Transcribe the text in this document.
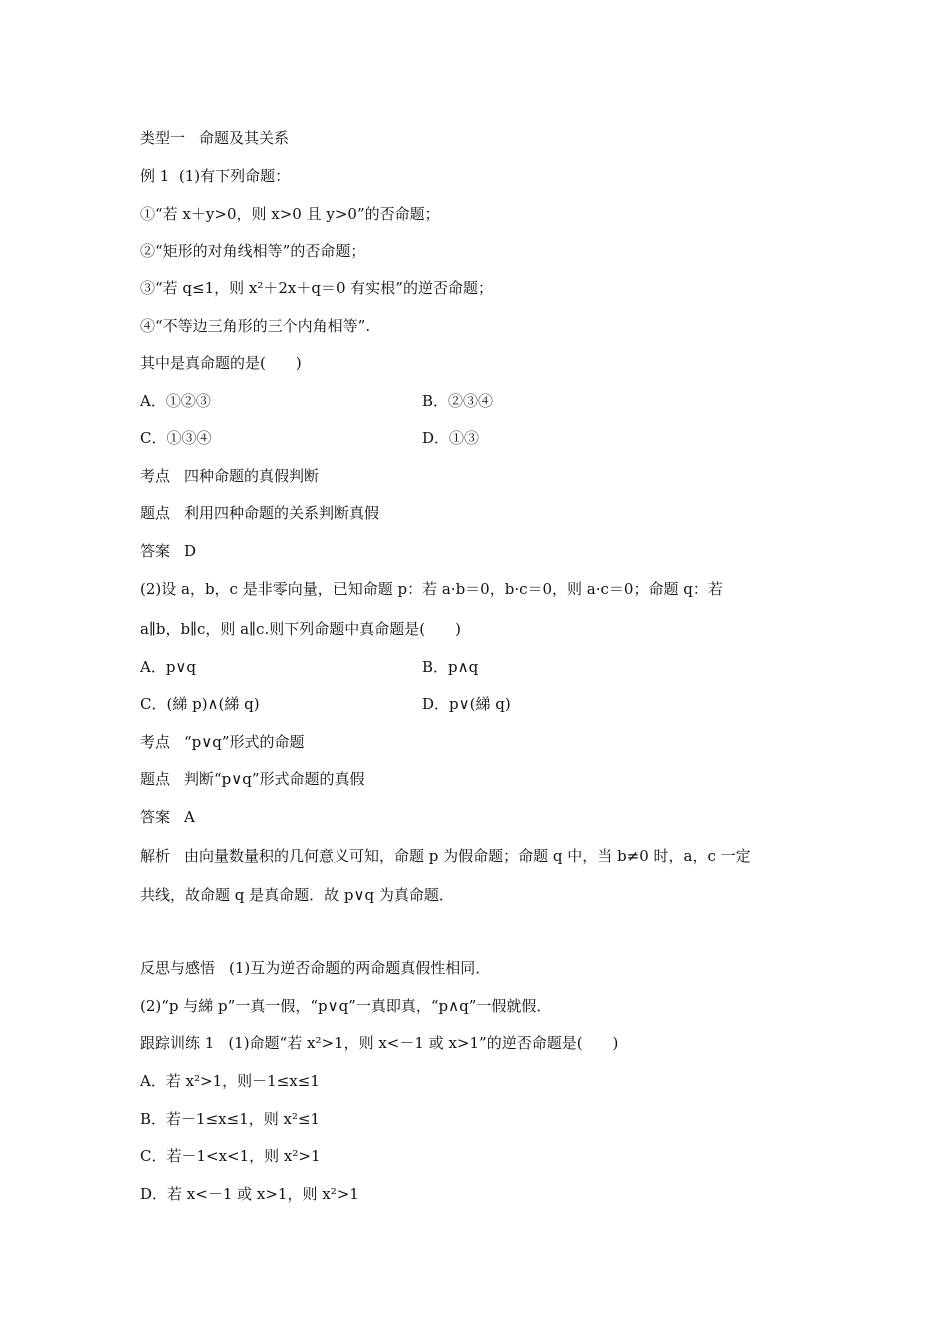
类型一 命题及其关系
例 1 (1)有下列命题：
①“若 x＋y>0，则 x>0 且 y>0”的否命题；
②“矩形的对角线相等”的否命题；
③“若 q≤1，则 x²＋2x＋q＝0 有实根”的逆否命题；
④“不等边三角形的三个内角相等”.
其中是真命题的是(　　)
A．①②③	B．②③④
C．①③④	D．①③
考点 四种命题的真假判断
题点 利用四种命题的关系判断真假
答案 D
(2)设 a，b，c 是非零向量，已知命题 p：若 a·b＝0，b·c＝0，则 a·c＝0；命题 q：若
a∥b，b∥c，则 a∥c.则下列命题中真命题是(　　)
A．p∨q	B．p∧q
C．(綈 p)∧(綈 q)	D．p∨(綈 q)
考点 “p∨q”形式的命题
题点 判断“p∨q”形式命题的真假
答案 A
解析 由向量数量积的几何意义可知，命题 p 为假命题；命题 q 中，当 b≠0 时，a，c 一定
共线，故命题 q 是真命题．故 p∨q 为真命题．
反思与感悟 (1)互为逆否命题的两命题真假性相同．
(2)“p 与綈 p”一真一假，“p∨q”一真即真，“p∧q”一假就假．
跟踪训练 1 (1)命题“若 x²>1，则 x<－1 或 x>1”的逆否命题是(　　)
A．若 x²>1，则－1≤x≤1
B．若－1≤x≤1，则 x²≤1
C．若－1<x<1，则 x²>1
D．若 x<－1 或 x>1，则 x²>1
